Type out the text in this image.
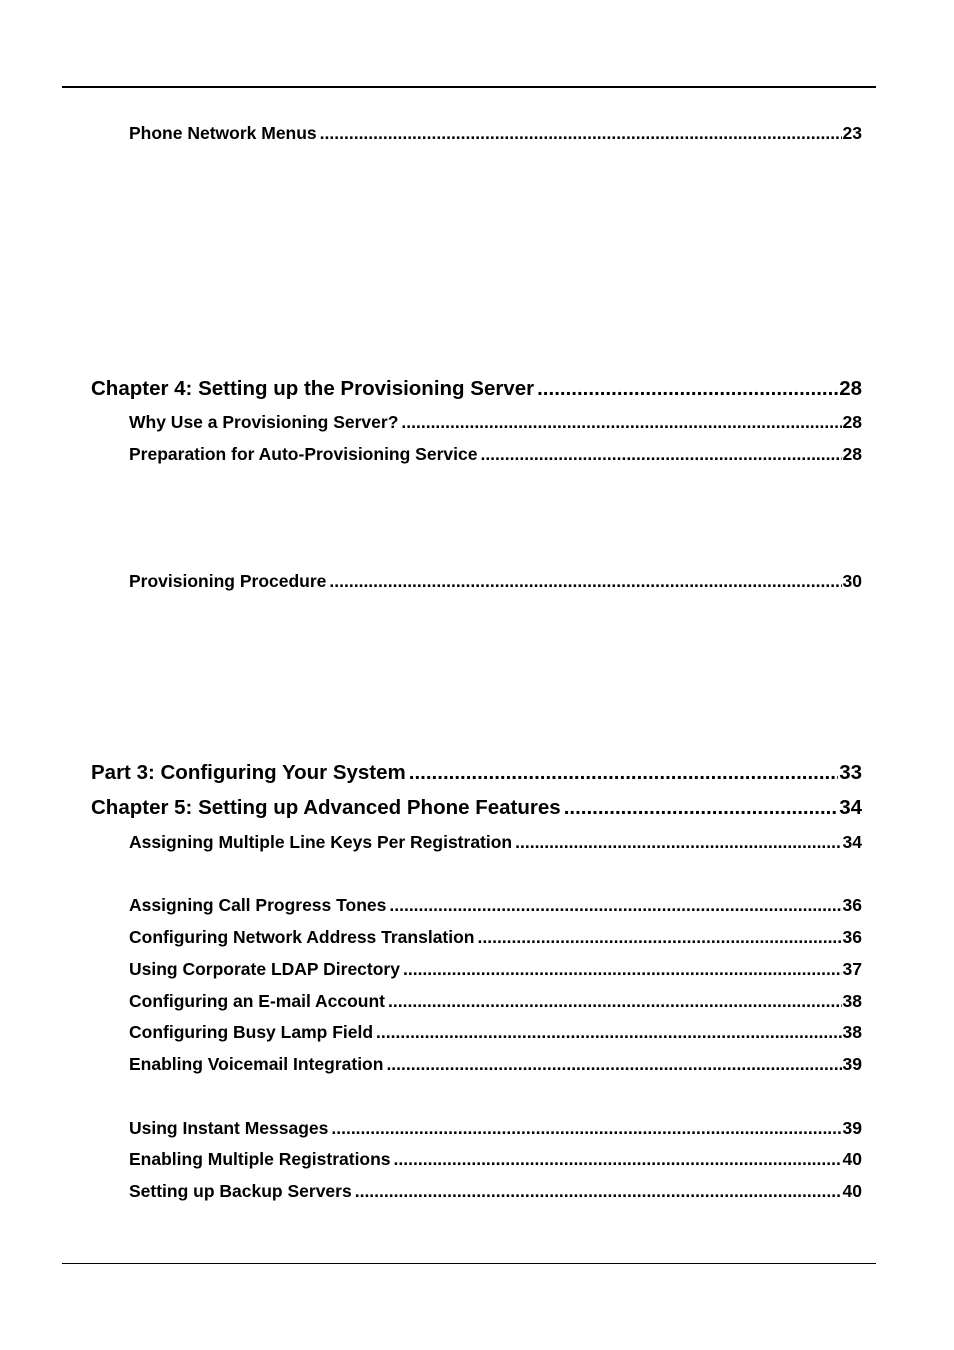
Phone Network Menus .....	23
Chapter 4: Setting up the Provisioning Server .....	28
Why Use a Provisioning Server? .....	28
Preparation for Auto-Provisioning Service .....	28
Provisioning Procedure .....	30
Part 3: Configuring Your System .....	33
Chapter 5: Setting up Advanced Phone Features .....	34
Assigning Multiple Line Keys Per Registration .....	34
Assigning Call Progress Tones .....	36
Configuring Network Address Translation .....	36
Using Corporate LDAP Directory .....	37
Configuring an E-mail Account .....	38
Configuring Busy Lamp Field .....	38
Enabling Voicemail Integration .....	39
Using Instant Messages .....	39
Enabling Multiple Registrations .....	40
Setting up Backup Servers .....	40
